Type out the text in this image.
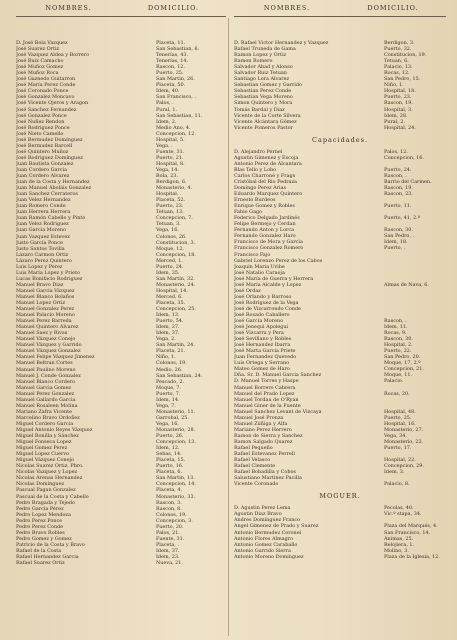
NOMBRES.	DOMICILIO.	NOMBRES.	DOMICILIO.
D. José Bola Vazquez	Placeta, 11.
José Suarez Ortiz	San Sebastian, 6.
José Vazquez Aldea y Borrero	Tenerías, 43.
José Ruiz Camacho	Tenerías, 14.
José Muñoz Gomez	Rascon, 12.
José Muñoz Roca	Puerto, 25.
José Gaznedo Guitarron	San Martin, 26.
José María Perez Conde	Placeta, 50.
José Coronado Ponce	Idem, 40.
José Gonzalez Moncavo	San Francisco, .
José Vicente Ojeros y Aragon	Palos, .
José Sanchez Fernandez	Pural, 1.
José Gonzalez Ponce	San Sebastian, 11.
José Nuñez Rendon	Idem, 2.
José Rodriguez Ponce	Medio Ano, 4.
José Nieto Camello	Concepcion, 12.
José Bermudez Domínguez	Hospital, 5.
José Bermudez Barcell	Vega, .
José Quintero Muñoz	Fuente, 31.
José Rodriguez Domínguez	Puerto, 21.
Juan Bautista Gonzalez	Hospital, 8.
Juan Cordero Garcia	Vega, 14.
Juan Cordero Alvarez	Bola, 23.
Juan de la Costa y Hernandez	Berdigon, 6.
Juan Manuel Aboláis Gonzalez	Monasterio, 4.
Juan Sanchez Cerrateros	Hospital, .
Juan Velez Hernandez	Placeta, 52.
Juan Romero Conde	Puerto, 23.
Juan Herrera Herrera	Tetuan, 13.
Juan Ramón Cabello y Pinto	Concepcion, 7.
Juan Velez Rodriguez	Tetuan, 3.
Juan Garcia Moreno	Vega, 16.
Juan Vazquez Estevez	Colonos, 26.
Justo Garcia Ponce	Constitucion, 3.
Justo Santos Tovilla	Moque, 12.
Lázaro Carmon Ortiz	Concepcion, 18.
Lázaro Perez Quintero	Merced, 1.
Luis Lopez y Perez	Puerto, 24.
Luis María Lopez y Prieto	Idem, 35.
Lucas Bonifacio Rodriguez	San Martin, 32.
Manuel Bravo Diaz	Monasterio, 24.
Manuel Garcia Vázquez	Hospital, 14.
Manuel Blanco Bolaños	Merced, 6.
Manuel Lopez Ortiz	Placeta, 35.
Manuel Gonzalez Perez	Concepcion, 25.
Manuel Palacio Moreno	Idem, 13.
Manuel Perez Barreda	Puerto, 54.
Manuel Quintero Alvarez	Idem, 27.
Manuel Saez y Rivas	Idem, 37.
Manuel Vázquez Conejo	Vega, 2.
Manuel Vázquez y Garrido	San Martin, 24.
Manuel Vázquez Gonzalez	Placeta, 21.
Manuel Felipe Vázquez Jimenez	Niño, 1.
Manuel Beltran Cortes	Colonos, 19.
Manuel Paulino Moreno	Medio, 26.
Manuel J. Conde Gonzalez	San Sebastian, 24.
Manuel Blanco Cordero	Pescado, 2.
Manuel Garcia Gomez	Moque, 7.
Manuel Perez Gonzalez	Puerto, 7.
Manuel Gallardo Garcia	Idem, 14.
Manuel Rosaleen Molina	Vega, 7.
Mariano Zafra Vicente	Monasterio, 11.
Marcelino Bravo Ordoñez	Garrobal, 25.
Miguel Cordero Garcia	Vega, 16.
Miguel Antonio Reyes Vázquez	Monasterio, 28.
Miguel Bonilla y Sánchez	Puerto, 26.
Miguel Fonseca Lopez	Concepcion, 13.
Miguel Gomez Perez	Idem, 12.
Miguel Lopez Cuervo	Sebas, 14.
Miguel Vázquez Conejo	Placeta, 15.
Nicolas Suarez Ortiz, Pbro.	Puerto, 16.
Nicolas Vazquez y Lopez	Placeta, 6.
Nicolas Arenas Hernandez	San Martin, 13.
Nicolas Domínguez	Concepcion, 14.
Pascual Pagan Gonzalez	Placeta, 4.
Pascual de la Costa y Cabello	Monasterio, 33.
Pedro Bragada y Tejedo	Rascon, 3.
Pedro Garcia Pérez	Rascon, 8.
Pedro Lopez Mendoza	Colonos, 19.
Pedro Perez Ponce	Concepcion, 3.
Pedro Perez Conde	Puerto, 20.
Pedro Bravo Robles	Palos, 21.
Pedro Gomez y Gomez	Fuente, 31.
Patricio de la Costa y Bravo	Placeta, .
Rafael de la Costa	Idem, 37.
Rafael Hernandez Garcia	Idem, 23.
Rafael Suarez Ortiz	Nueva, 21.
D. Rafael Victor Hernandez y Vazquez	Berdigon, 3.
Rafael Truneda de Gama	Puerto, 32.
Ramon Lopez y Ortiz	Constitucion, 19.
Ramon Romero	Tetuan, 6.
Salvador Abad y Alonso	Palacio, 13.
Salvador Ruiz Tetuan	Rocas, 12.
Santiago Lora Alvarez	San Pedro, 15.
Sebastian Gomez y Garrido	Niño, 1.
Sebastian Perez Conde	Hospital, 18.
Sebastian Vega Moreno	Puerto, 23.
Simon Quintero y Mora	Rascon, 19.
Tomás Bardal y Diaz	Hospital, 3.
Vicente de la Corte Silvera	Idem, 28.
Vicente Alcántara Gómez	Pural, 2.
Vicente Pomeros Pastor	Hospital, 24.
Capacidades.
D. Alejandro Pernel	Palos, 12.
Agustin Gimenez y Escoja	Concepcion, 16.
Antonio Perez de Alcantara
Blas Tello y Lobo	Puerto, 24.
Carlos Charroné y Frags	Rascon, .
Cristóbal del Rio Pedraza	Barrio del Carmen.
Domingo Perez Arias	Rascon, 19.
Eduardo Marquez Quintero	Rascon, 23.
Ernesto Burdeos
Enrique Gomez y Robles	Puerto, 11.
Fabio Gago
Federico Delgado Jardinés	Puerto, 41, 2.º
Felipe Bermejo y Cerdan
Fernando Anton y Lorca	Rascon, 30.
Fernando Gonzalez Haro	San Pedro, .
Francisco de Mora y Garcia	Idem, 18.
Francisco Gonzalez Romero	Puerto, .
Francisco Fajo
Gabriel Lorenzo Perez de los Cabos
Joaquin Maria Uribe
José Natalio Caraoja
José María de Guerra y Herrera
José María Alcalde y Lopez	Almas de Nava, 6.
José Ordaz
José Orlando y Barroso
José Rodriguez de la Vega
José de Vizcarrondo Conde
José Rosado Caballero
José Garcia Moreno	Rascon, .
José Jenequi Apolegui	Idem, 11.
José Vizcarra y Pera	Rocas, 9.
José Sevillano y Robles	Rascon, 30.
José Hernandez Ibarra	Hospital, 2.
José Marta Garcia Priete	Puerto, 22.
Juan Fernandez Quevedo	San Pedro, 20.
Luis Ortega y Serrano	Moque, 17, 2.º
Mateo Gomez de Haro	Concepcion, 21.
Dña. Sr. D. Manuel Garcia Sanchez	Moque, 11.
D. Manuel Torres y Haspe	Palacio.
Manuel Borrero Cabrera
Manuel del Prado Lopez	Rocas, 20.
Manuel Tordau de O'Ryan
Manuel Giner de la Fuente
Manuel Sanchez Levant de Vizcaya	Hospital, 48.
Manuel José Pronza	Puerto, 25.
Manuel Zúñiga y Alfa	Hospital, 16.
Mariano Perez Herrero	Monasterio, 27.
Ramon de Sierra y Sanchez	Vega, 34.
Ramon Salgado Quarez	Monasterio, 22.
Rafael Pequeño	Puerto, 17.
Rafael Estevanez Perrell
Rafael Velasco	Hospital, 22.
Rafael Clemente	Concepcion, 29.
Rafael Bobadilla y Cobos	Idem, 3.
Salustiano Martinez Pacilla
Vicente Coronado	Palacio, 8.
MOGUER.
D. Agustin Perez Lema	Pecolas, 40.
Agustin Diaz Bravo	Vic.º stapa, 34.
Andres Domínguez Franco
Angel Gimenez de Prado y Suarez	Plaza del Marqués, 4.
Antonio Bermudez Coronel	San Francisco, 14.
Antonio Flores Almagro	Ánimas, 25.
Antonio Gomez Caraballo	Relojiera, 1.
Antonio Garrido Sierra	Molino, 3.
Antonio Moreno Domínguez	Plaza de la Iglesia, 12.
